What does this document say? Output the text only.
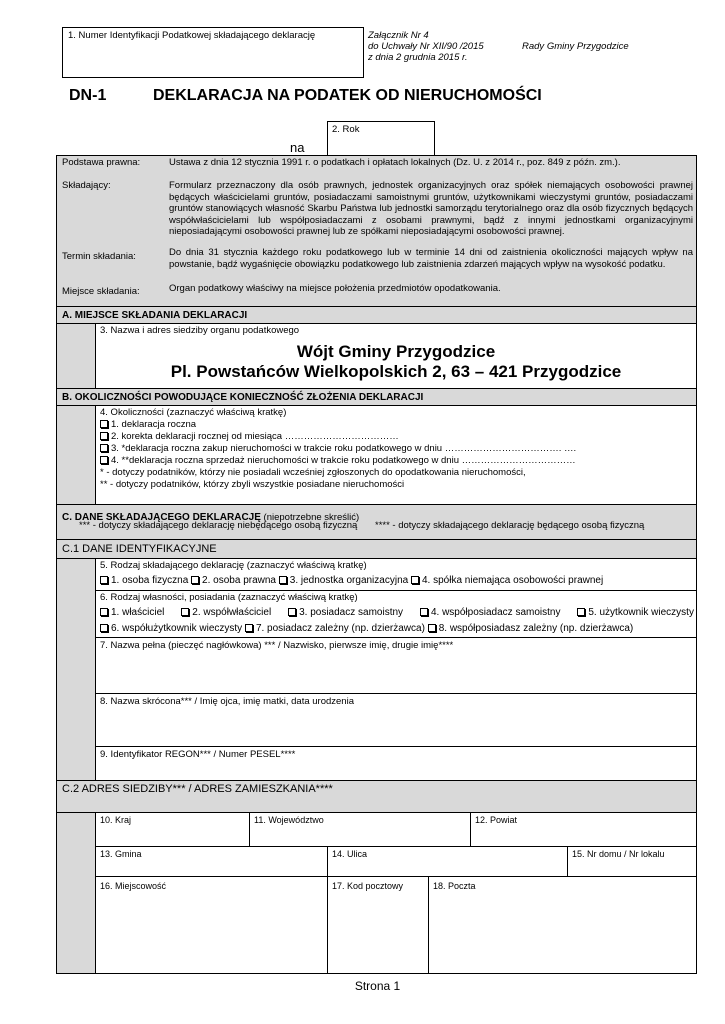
1. Numer Identyfikacji Podatkowej składającego deklarację	Załącznik Nr 4
do Uchwały Nr XII/90 /2015	Rady Gminy Przygodzice
z dnia 2 grudnia 2015 r.
DN-1	DEKLARACJA NA PODATEK OD NIERUCHOMOŚCI
na
2. Rok
Podstawa prawna:	Ustawa z dnia 12 stycznia 1991 r. o podatkach i opłatach lokalnych (Dz. U. z 2014 r., poz. 849 z późn. zm.).
Składający:	Formularz przeznaczony dla osób prawnych, jednostek organizacyjnych oraz spółek niemających osobowości prawnej będących właścicielami gruntów, posiadaczami samoistnymi gruntów, użytkownikami wieczystymi gruntów, posiadaczami gruntów stanowiących własność Skarbu Państwa lub jednostki samorządu terytorialnego oraz dla osób fizycznych będących współwłaścicielami lub współposiadaczami z osobami prawnymi, bądź z innymi jednostkami organizacyjnymi nieposiadającymi osobowości prawnej lub ze spółkami nieposiadającymi osobowości prawnej.
Termin składania:	Do dnia 31 stycznia każdego roku podatkowego lub w terminie 14 dni od zaistnienia okoliczności mających wpływ na powstanie, bądź wygaśnięcie obowiązku podatkowego lub zaistnienia zdarzeń mających wpływ na wysokość podatku.
Miejsce składania:	Organ podatkowy właściwy na miejsce położenia przedmiotów opodatkowania.
A. MIEJSCE SKŁADANIA DEKLARACJI
3. Nazwa i adres siedziby organu podatkowego
Wójt Gminy Przygodzice
Pl. Powstańców Wielkopolskich 2, 63 – 421 Przygodzice
B. OKOLICZNOŚCI POWODUJĄCE KONIECZNOŚĆ ZŁOŻENIA DEKLARACJI
4. Okoliczności (zaznaczyć właściwą kratkę)
1. deklaracja roczna
2. korekta deklaracji rocznej od miesiąca ………………………………
3. *deklaracja roczna zakup nieruchomości w trakcie roku podatkowego w dniu ………………………………. ….
4. **deklaracja roczna sprzedaż nieruchomości w trakcie roku podatkowego w dniu ………………………………
* - dotyczy podatników, którzy nie posiadali wcześniej zgłoszonych do opodatkowania nieruchomości,
** - dotyczy podatników, którzy zbyli wszystkie posiadane nieruchomości
C. DANE SKŁADAJĄCEGO DEKLARACJĘ (niepotrzebne skreślić)
*** - dotyczy składającego deklarację niebędącego osobą fizyczną **** - dotyczy składającego deklarację będącego osobą fizyczną
C.1 DANE IDENTYFIKACYJNE
5. Rodzaj składającego deklarację (zaznaczyć właściwą kratkę)
1. osoba fizyczna 2. osoba prawna 3. jednostka organizacyjna 4. spółka niemająca osobowości prawnej
6. Rodzaj własności, posiadania (zaznaczyć właściwą kratkę)
1. właściciel	2. współwłaściciel	3. posiadacz samoistny	4. współposiadacz samoistny	5. użytkownik wieczysty
6. współużytkownik wieczysty 7. posiadacz zależny (np. dzierżawca) 8. współposiadasz zależny (np. dzierżawca)
7. Nazwa pełna (pieczęć nagłówkowa) *** / Nazwisko, pierwsze imię, drugie imię****
8. Nazwa skrócona*** / Imię ojca, imię matki, data urodzenia
9. Identyfikator REGON*** / Numer PESEL****
C.2 ADRES SIEDZIBY*** / ADRES ZAMIESZKANIA****
10. Kraj	11. Województwo	12. Powiat
13. Gmina	14. Ulica	15. Nr domu / Nr lokalu
16. Miejscowość	17. Kod pocztowy	18. Poczta
Strona 1
